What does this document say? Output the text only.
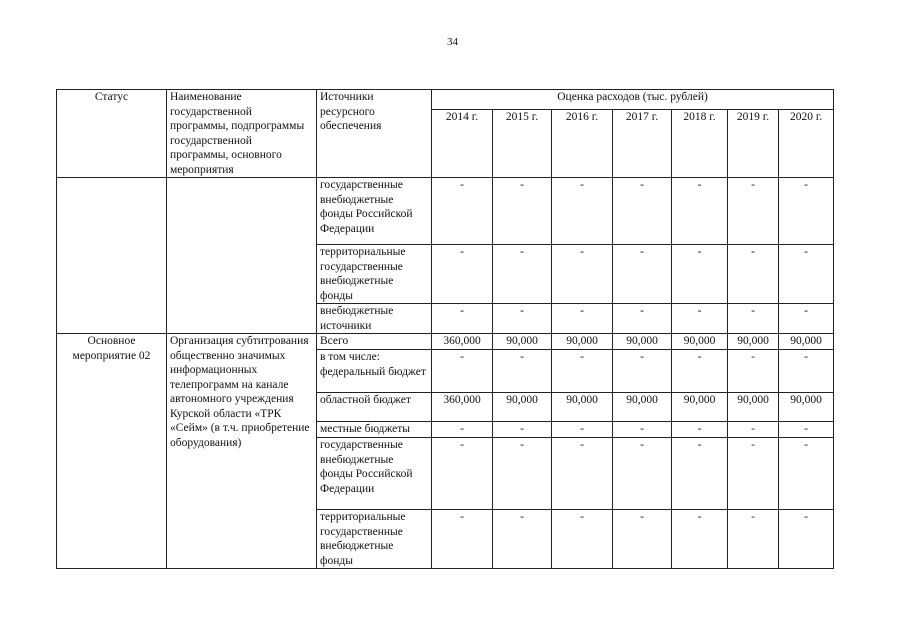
34
Статус	Наименование государственной программы, подпрограммы государственной программы, основного мероприятия	Источники ресурсного обеспечения	Оценка расходов (тыс. рублей)						
			2014 г.	2015 г.	2016 г.	2017 г.	2018 г.	2019 г.	2020 г.
		государственные внебюджетные фонды Российской Федерации	-	-	-	-	-	-	-
		территориальные государственные внебюджетные фонды	-	-	-	-	-	-	-
		внебюджетные источники	-	-	-	-	-	-	-
Основное мероприятие 02	Организация субтитрования общественно значимых информационных телепрограмм на канале автономного учреждения Курской области «ТРК «Сейм» (в т.ч. приобретение оборудования)	Всего	360,000	90,000	90,000	90,000	90,000	90,000	90,000
		в том числе: федеральный бюджет	-	-	-	-	-	-	-
		областной бюджет	360,000	90,000	90,000	90,000	90,000	90,000	90,000
		местные бюджеты	-	-	-	-	-	-	-
		государственные внебюджетные фонды Российской Федерации	-	-	-	-	-	-	-
		территориальные государственные внебюджетные фонды	-	-	-	-	-	-	-
